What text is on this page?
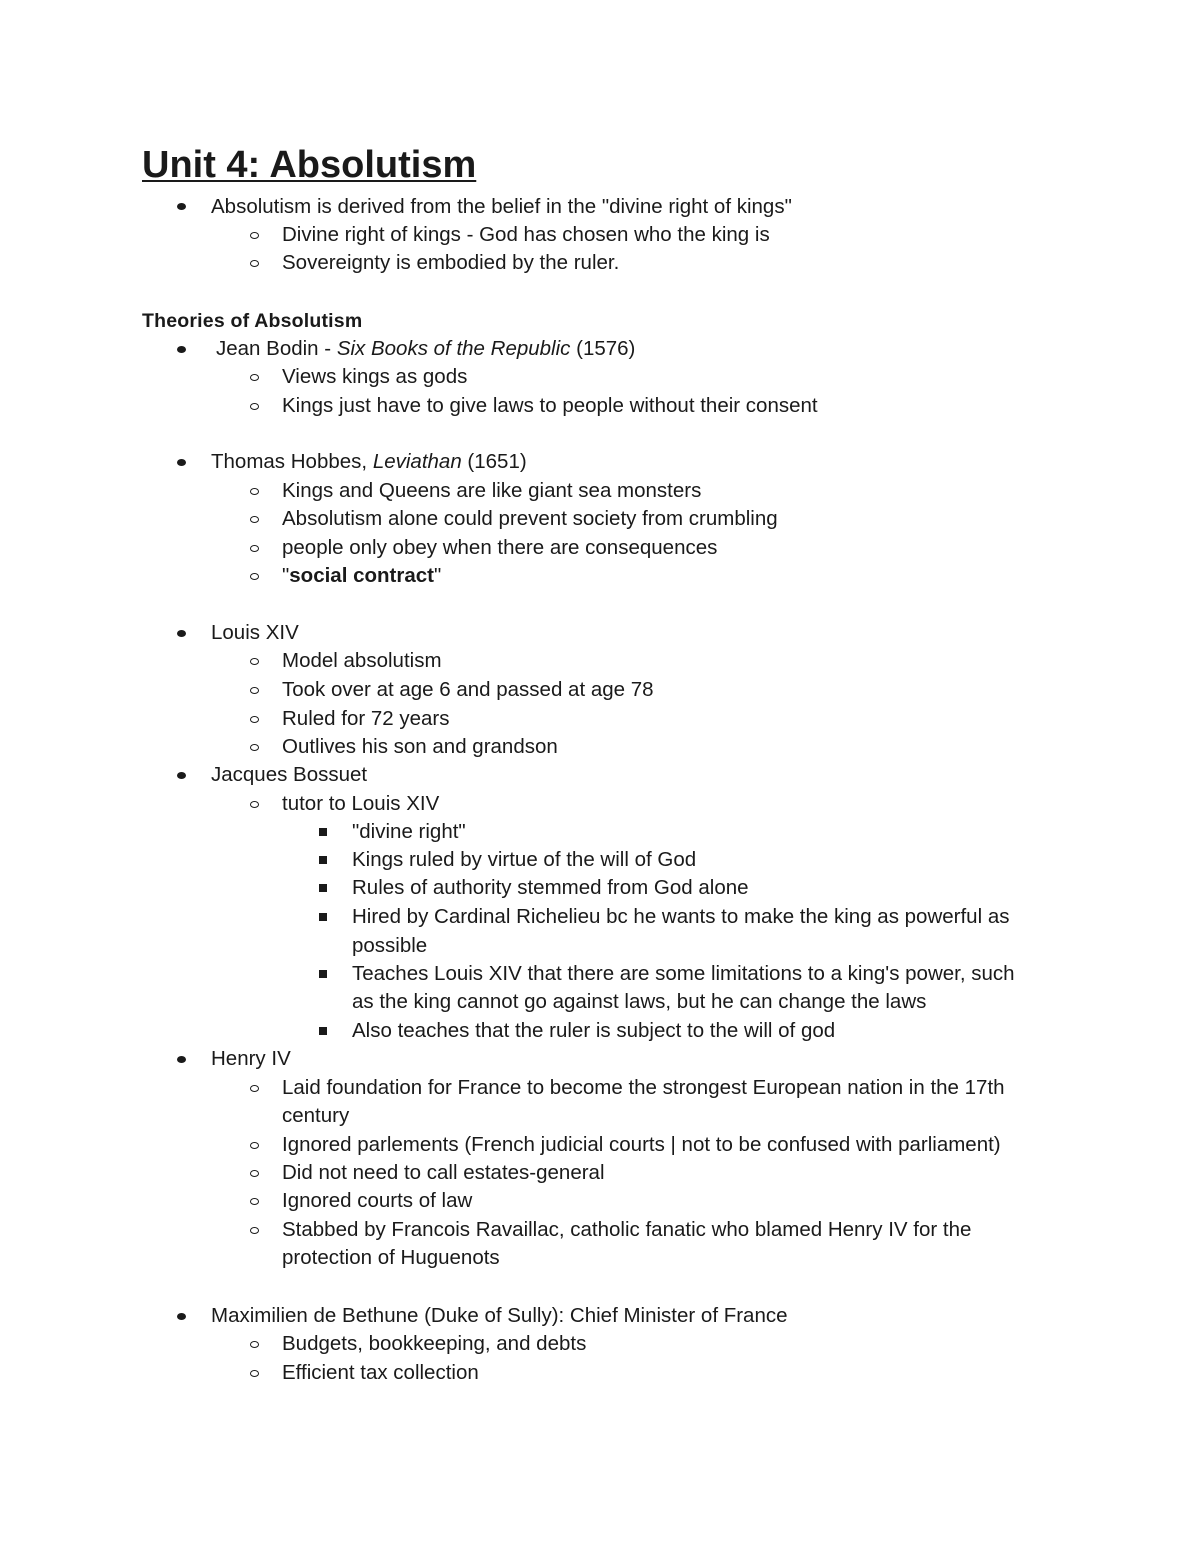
Unit 4: Absolutism
Absolutism is derived from the belief in the "divine right of kings"
Divine right of kings - God has chosen who the king is
Sovereignty is embodied by the ruler.
Theories of Absolutism
Jean Bodin - Six Books of the Republic (1576)
Views kings as gods
Kings just have to give laws to people without their consent
Thomas Hobbes, Leviathan (1651)
Kings and Queens are like giant sea monsters
Absolutism alone could prevent society from crumbling
people only obey when there are consequences
"social contract"
Louis XIV
Model absolutism
Took over at age 6 and passed at age 78
Ruled for 72 years
Outlives his son and grandson
Jacques Bossuet
tutor to Louis XIV
"divine right"
Kings ruled by virtue of the will of God
Rules of authority stemmed from God alone
Hired by Cardinal Richelieu bc he wants to make the king as powerful as
possible
Teaches Louis XIV that there are some limitations to a king's power, such
as the king cannot go against laws, but he can change the laws
Also teaches that the ruler is subject to the will of god
Henry IV
Laid foundation for France to become the strongest European nation in the 17th
century
Ignored parlements (French judicial courts | not to be confused with parliament)
Did not need to call estates-general
Ignored courts of law
Stabbed by Francois Ravaillac, catholic fanatic who blamed Henry IV for the
protection of Huguenots
Maximilien de Bethune (Duke of Sully): Chief Minister of France
Budgets, bookkeeping, and debts
Efficient tax collection
